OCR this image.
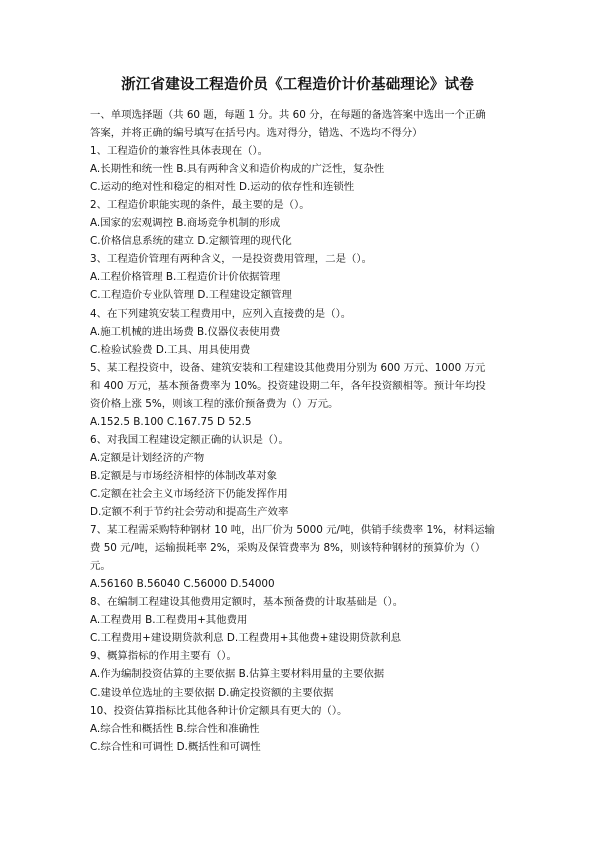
浙江省建设工程造价员《工程造价计价基础理论》试卷
一、单项选择题（共 60 题，每题 1 分。共 60 分，在每题的备选答案中选出一个正确
答案，并将正确的编号填写在括号内。选对得分，错选、不选均不得分）
1、工程造价的兼容性具体表现在（）。
A.长期性和统一性 B.具有两种含义和造价构成的广泛性，复杂性
C.运动的绝对性和稳定的相对性 D.运动的依存性和连锁性
2、工程造价职能实现的条件，最主要的是（）。
A.国家的宏观调控 B.商场竞争机制的形成
C.价格信息系统的建立 D.定额管理的现代化
3、工程造价管理有两种含义，一是投资费用管理，二是（）。
A.工程价格管理 B.工程造价计价依据管理
C.工程造价专业队管理 D.工程建设定额管理
4、在下列建筑安装工程费用中，应列入直接费的是（）。
A.施工机械的进出场费 B.仪器仪表使用费
C.检验试验费 D.工具、用具使用费
5、某工程投资中，设备、建筑安装和工程建设其他费用分别为 600 万元、1000 万元
和 400 万元，基本预备费率为 10%。投资建设期二年，各年投资额相等。预计年均投
资价格上涨 5%，则该工程的涨价预备费为（）万元。
A.152.5 B.100 C.167.75 D 52.5
6、对我国工程建设定额正确的认识是（）。
A.定额是计划经济的产物
B.定额是与市场经济相悖的体制改革对象
C.定额在社会主义市场经济下仍能发挥作用
D.定额不利于节约社会劳动和提高生产效率
7、某工程需采购特种钢材 10 吨，出厂价为 5000 元/吨，供销手续费率 1%，材料运输
费 50 元/吨，运输损耗率 2%，采购及保管费率为 8%，则该特种钢材的预算价为（）
元。
A.56160 B.56040 C.56000 D.54000
8、在编制工程建设其他费用定额时，基本预备费的计取基础是（）。
A.工程费用 B.工程费用+其他费用
C.工程费用+建设期贷款利息 D.工程费用+其他费+建设期贷款利息
9、概算指标的作用主要有（）。
A.作为编制投资估算的主要依据 B.估算主要材料用量的主要依据
C.建设单位选址的主要依据 D.确定投资额的主要依据
10、投资估算指标比其他各种计价定额具有更大的（）。
A.综合性和概括性 B.综合性和准确性
C.综合性和可调性 D.概括性和可调性
